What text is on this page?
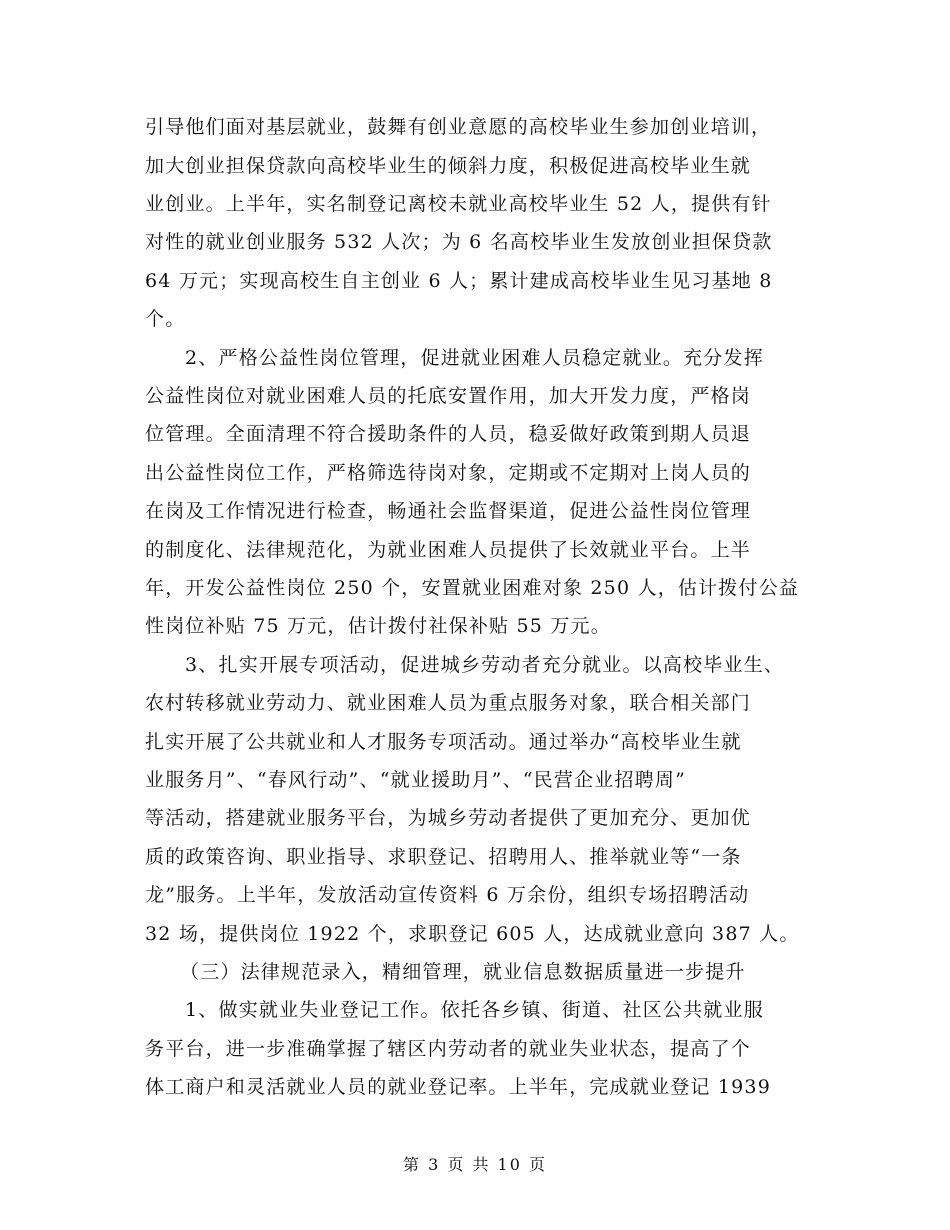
引导他们面对基层就业，鼓舞有创业意愿的高校毕业生参加创业培训，
加大创业担保贷款向高校毕业生的倾斜力度，积极促进高校毕业生就
业创业。上半年，实名制登记离校未就业高校毕业生 52 人，提供有针
对性的就业创业服务 532 人次；为 6 名高校毕业生发放创业担保贷款
64 万元；实现高校生自主创业 6 人；累计建成高校毕业生见习基地 8
个。
2、严格公益性岗位管理，促进就业困难人员稳定就业。充分发挥
公益性岗位对就业困难人员的托底安置作用，加大开发力度，严格岗
位管理。全面清理不符合援助条件的人员，稳妥做好政策到期人员退
出公益性岗位工作，严格筛选待岗对象，定期或不定期对上岗人员的
在岗及工作情况进行检查，畅通社会监督渠道，促进公益性岗位管理
的制度化、法律规范化，为就业困难人员提供了长效就业平台。上半
年，开发公益性岗位 250 个，安置就业困难对象 250 人，估计拨付公益
性岗位补贴 75 万元，估计拨付社保补贴 55 万元。
3、扎实开展专项活动，促进城乡劳动者充分就业。以高校毕业生、
农村转移就业劳动力、就业困难人员为重点服务对象，联合相关部门
扎实开展了公共就业和人才服务专项活动。通过举办“高校毕业生就
业服务月”、“春风行动”、“就业援助月”、“民营企业招聘周”
等活动，搭建就业服务平台，为城乡劳动者提供了更加充分、更加优
质的政策咨询、职业指导、求职登记、招聘用人、推举就业等“一条
龙”服务。上半年，发放活动宣传资料 6 万余份，组织专场招聘活动
32 场，提供岗位 1922 个，求职登记 605 人，达成就业意向 387 人。
（三）法律规范录入，精细管理，就业信息数据质量进一步提升
1、做实就业失业登记工作。依托各乡镇、街道、社区公共就业服
务平台，进一步准确掌握了辖区内劳动者的就业失业状态，提高了个
体工商户和灵活就业人员的就业登记率。上半年，完成就业登记 1939
第 3 页 共 10 页
